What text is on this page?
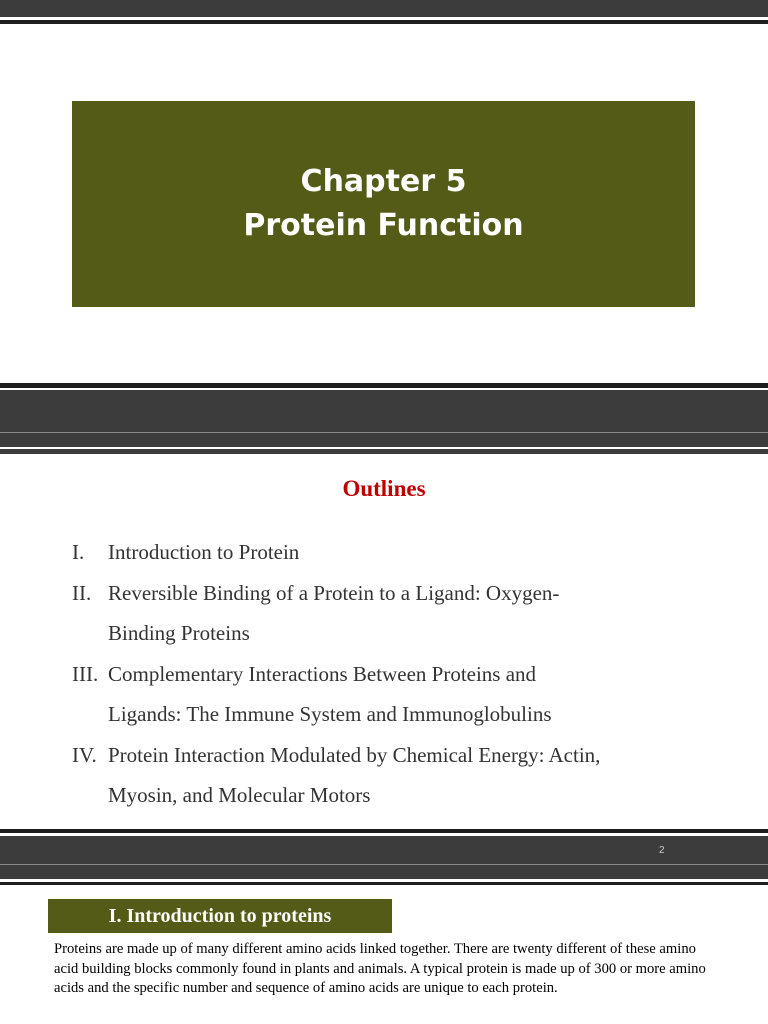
Chapter 5
Protein Function
Outlines
I.	Introduction to Protein
II. Reversible Binding of a Protein to a Ligand: Oxygen-Binding Proteins
III. Complementary Interactions Between Proteins and Ligands: The Immune System and Immunoglobulins
IV. Protein Interaction Modulated by Chemical Energy: Actin, Myosin, and Molecular Motors
2
I. Introduction to proteins
Proteins are made up of many different amino acids linked together. There are twenty different of these amino acid building blocks commonly found in plants and animals. A typical protein is made up of 300 or more amino acids and the specific number and sequence of amino acids are unique to each protein.
